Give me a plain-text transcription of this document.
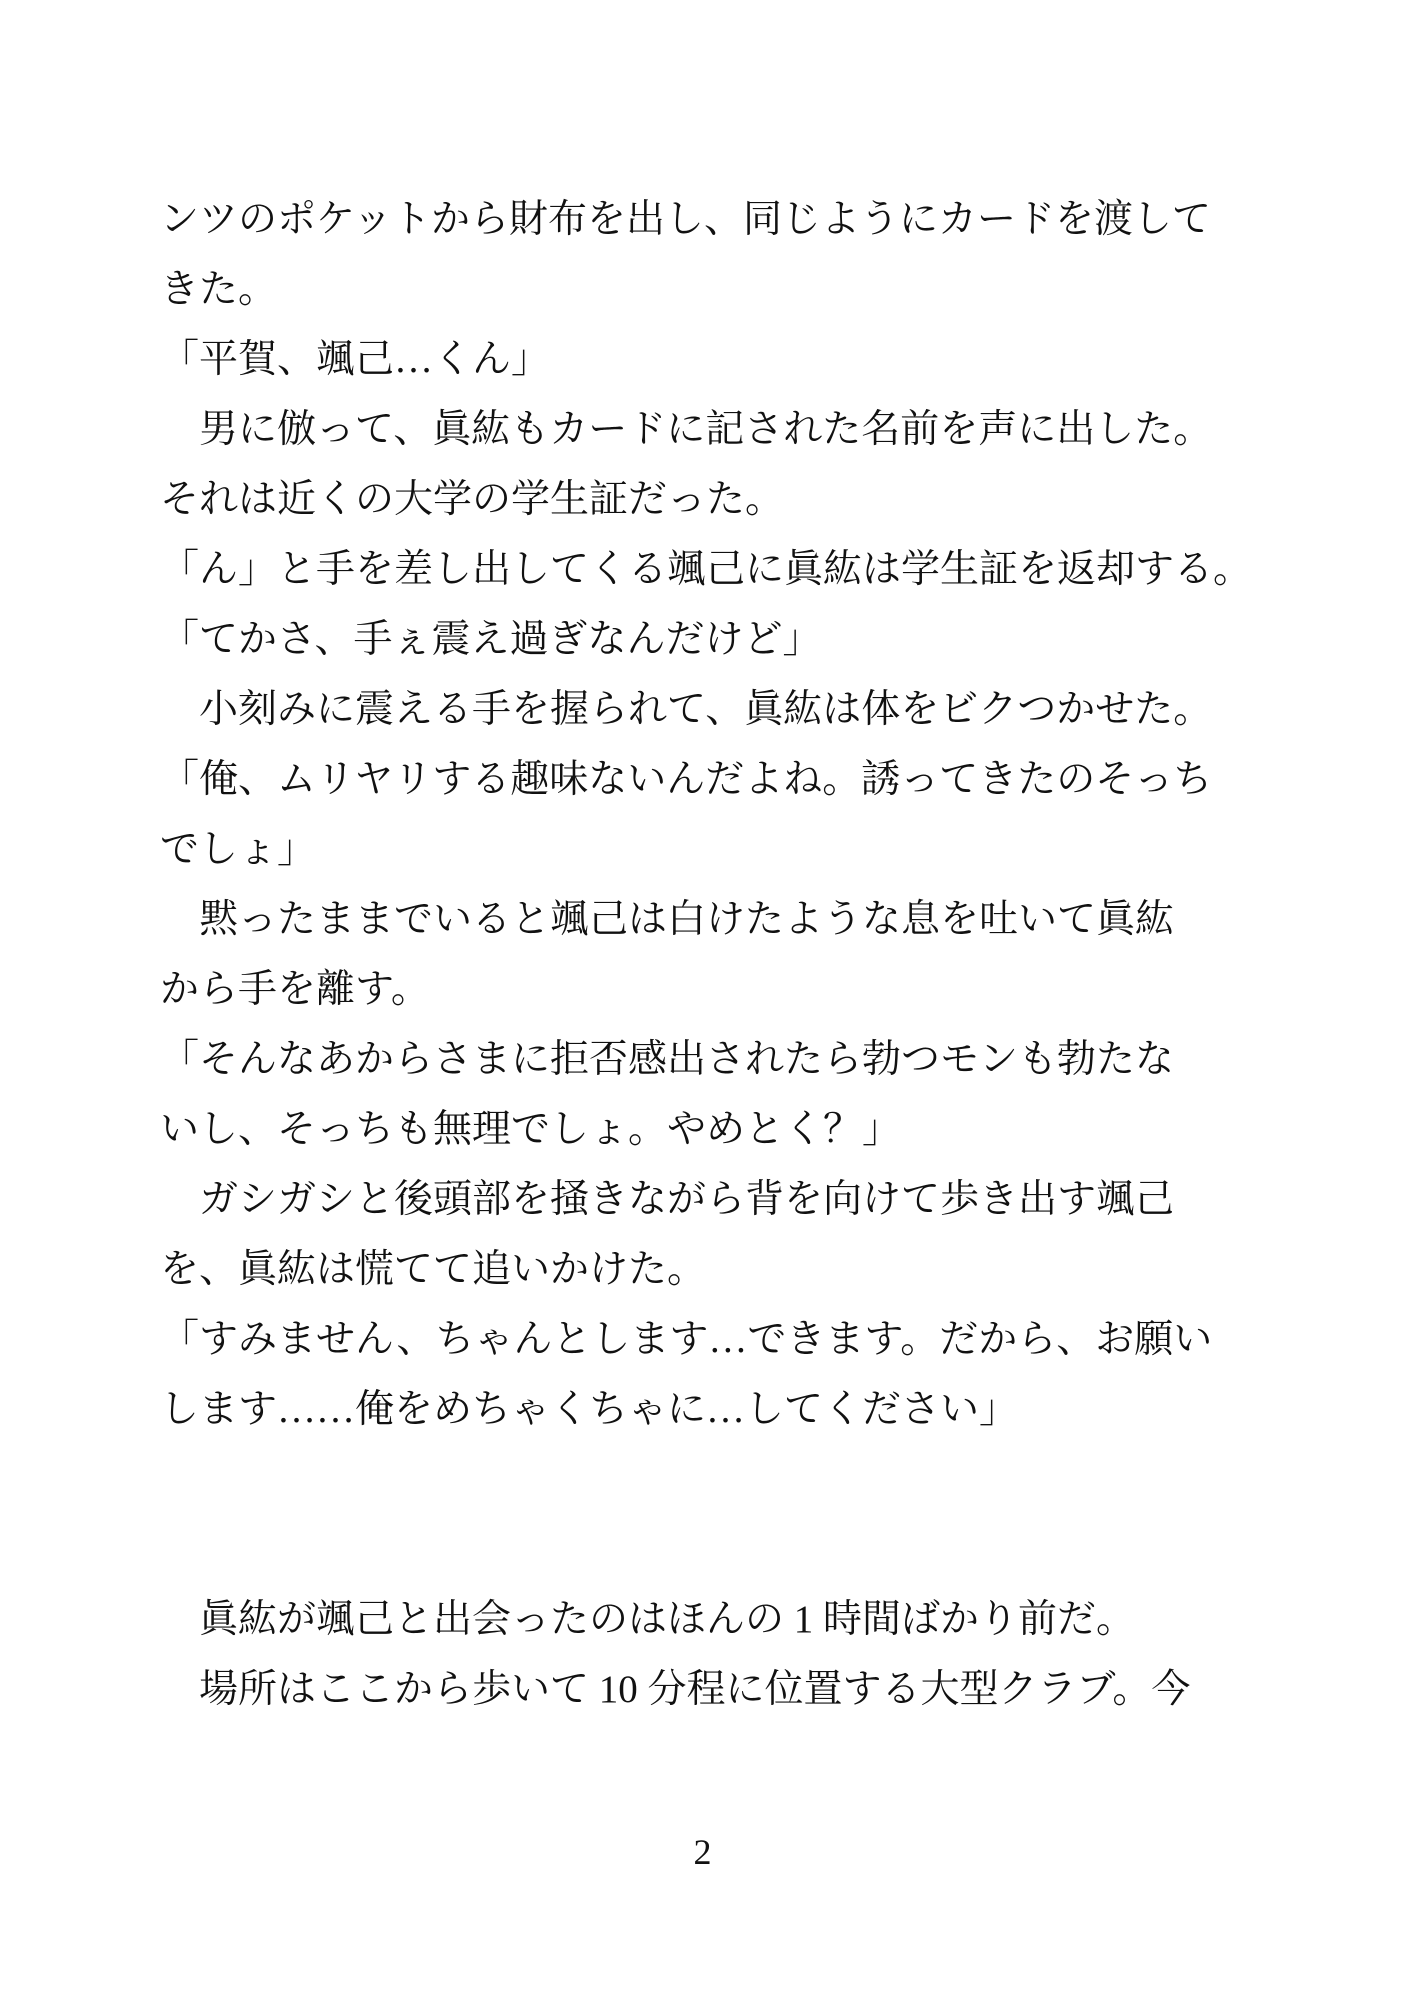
ンツのポケットから財布を出し、同じようにカードを渡して
きた。
「平賀、颯己…くん」
男に倣って、眞紘もカードに記された名前を声に出した。
それは近くの大学の学生証だった。
「ん」と手を差し出してくる颯己に眞紘は学生証を返却する。
「てかさ、手ぇ震え過ぎなんだけど」
小刻みに震える手を握られて、眞紘は体をビクつかせた。
「俺、ムリヤリする趣味ないんだよね。誘ってきたのそっち
でしょ」
黙ったままでいると颯己は白けたような息を吐いて眞紘
から手を離す。
「そんなあからさまに拒否感出されたら勃つモンも勃たな
いし、そっちも無理でしょ。やめとく？」
ガシガシと後頭部を掻きながら背を向けて歩き出す颯己
を、眞紘は慌てて追いかけた。
「すみません、ちゃんとします…できます。だから、お願い
します……俺をめちゃくちゃに…してください」
眞紘が颯己と出会ったのはほんの 1 時間ばかり前だ。
場所はここから歩いて 10 分程に位置する大型クラブ。今
2
